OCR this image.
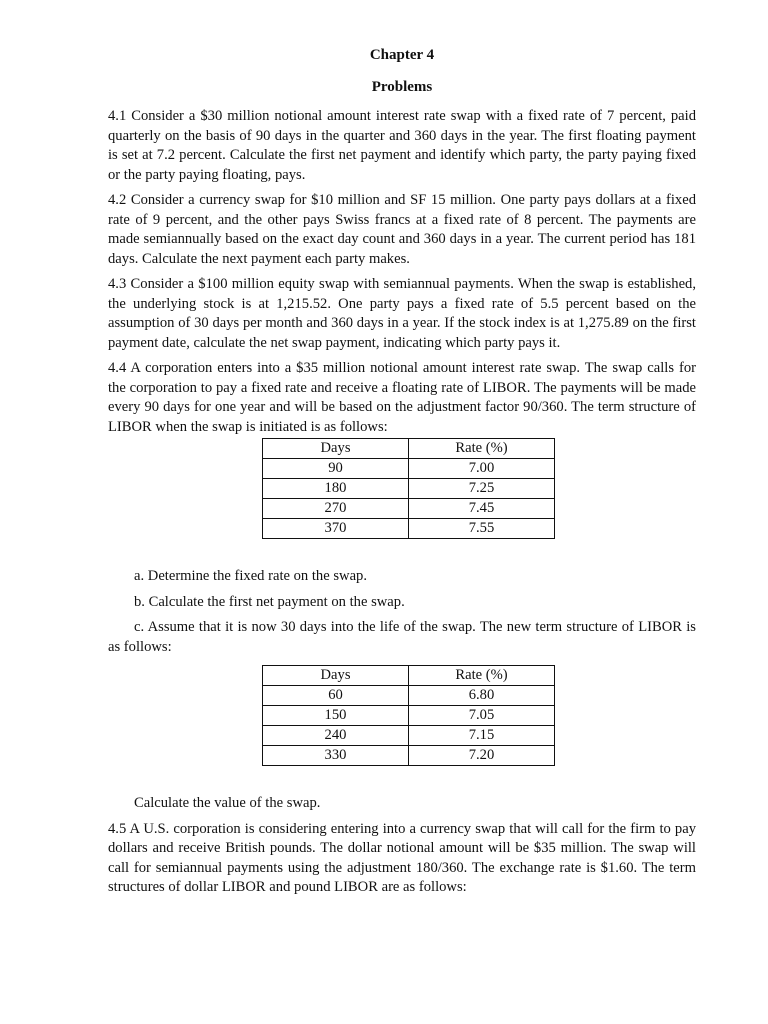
Chapter 4

Problems

4.1 Consider a $30 million notional amount interest rate swap with a fixed rate of 7 percent, paid quarterly on the basis of 90 days in the quarter and 360 days in the year. The first floating payment is set at 7.2 percent. Calculate the first net payment and identify which party, the party paying fixed or the party paying floating, pays.

4.2 Consider a currency swap for $10 million and SF 15 million. One party pays dollars at a fixed rate of 9 percent, and the other pays Swiss francs at a fixed rate of 8 percent. The payments are made semiannually based on the exact day count and 360 days in a year. The current period has 181 days. Calculate the next payment each party makes.

4.3 Consider a $100 million equity swap with semiannual payments. When the swap is established, the underlying stock is at 1,215.52. One party pays a fixed rate of 5.5 percent based on the assumption of 30 days per month and 360 days in a year. If the stock index is at 1,275.89 on the first payment date, calculate the net swap payment, indicating which party pays it.

4.4 A corporation enters into a $35 million notional amount interest rate swap. The swap calls for the corporation to pay a fixed rate and receive a floating rate of LIBOR. The payments will be made every 90 days for one year and will be based on the adjustment factor 90/360. The term structure of LIBOR when the swap is initiated is as follows:

Days	Rate (%)
90	7.00
180	7.25
270	7.45
370	7.55

a. Determine the fixed rate on the swap.

b. Calculate the first net payment on the swap.

c. Assume that it is now 30 days into the life of the swap. The new term structure of LIBOR is as follows:

Days	Rate (%)
60	6.80
150	7.05
240	7.15
330	7.20

Calculate the value of the swap.

4.5 A U.S. corporation is considering entering into a currency swap that will call for the firm to pay dollars and receive British pounds. The dollar notional amount will be $35 million. The swap will call for semiannual payments using the adjustment 180/360. The exchange rate is $1.60. The term structures of dollar LIBOR and pound LIBOR are as follows:
